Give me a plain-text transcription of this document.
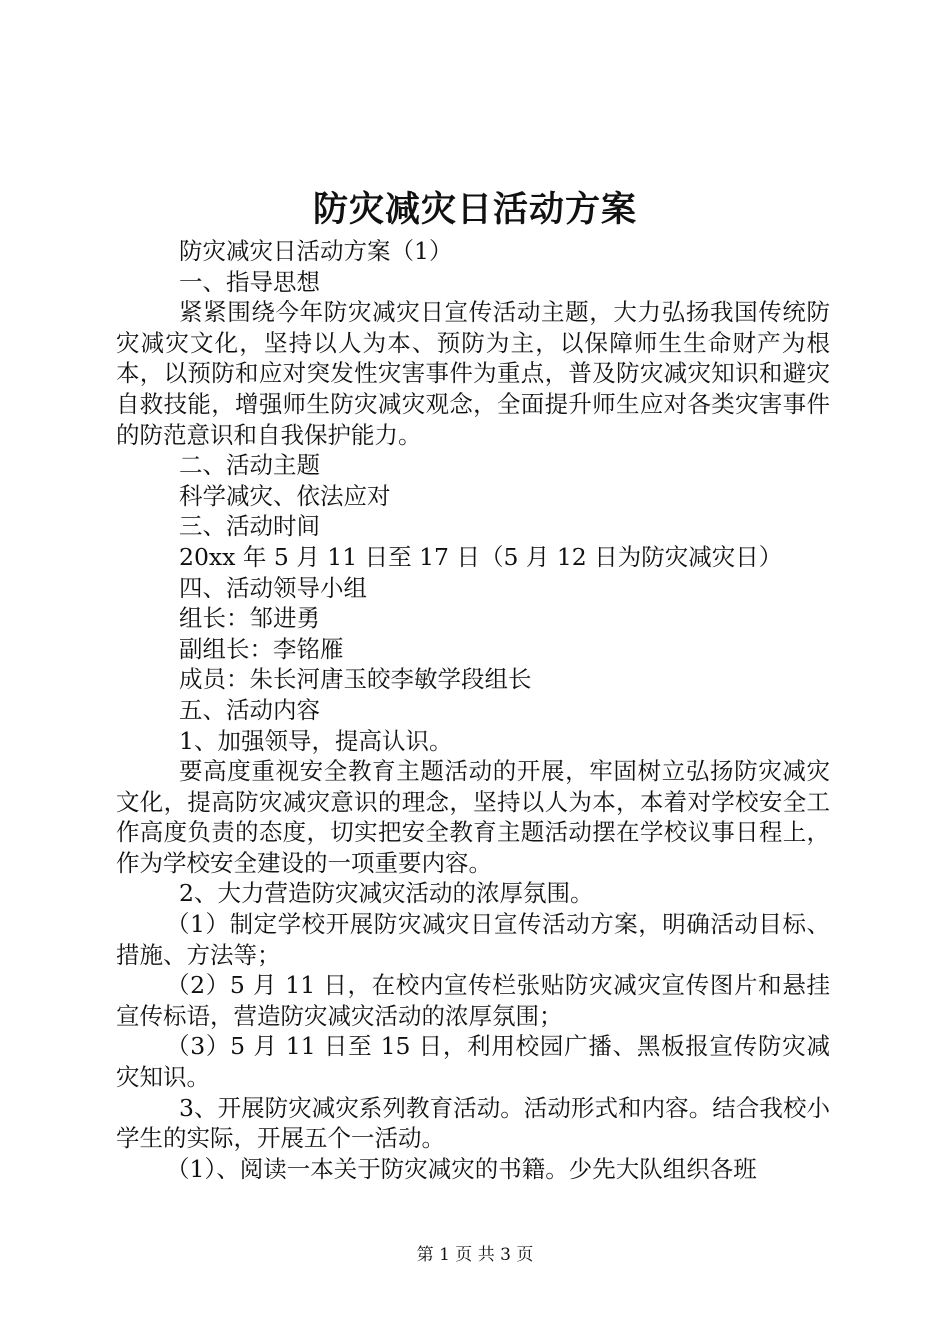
防灾减灾日活动方案

防灾减灾日活动方案（1）

一、指导思想

紧紧围绕今年防灾减灾日宣传活动主题，大力弘扬我国传统防灾减灾文化，坚持以人为本、预防为主，以保障师生生命财产为根本，以预防和应对突发性灾害事件为重点，普及防灾减灾知识和避灾自救技能，增强师生防灾减灾观念，全面提升师生应对各类灾害事件的防范意识和自我保护能力。

二、活动主题

科学减灾、依法应对

三、活动时间

20xx 年 5 月 11 日至 17 日（5 月 12 日为防灾减灾日）

四、活动领导小组

组长：邹进勇

副组长：李铭雁

成员：朱长河唐玉皎李敏学段组长

五、活动内容

1、加强领导，提高认识。

要高度重视安全教育主题活动的开展，牢固树立弘扬防灾减灾文化，提高防灾减灾意识的理念，坚持以人为本，本着对学校安全工作高度负责的态度，切实把安全教育主题活动摆在学校议事日程上，作为学校安全建设的一项重要内容。

2、大力营造防灾减灾活动的浓厚氛围。

（1）制定学校开展防灾减灾日宣传活动方案，明确活动目标、措施、方法等；

（2）5 月 11 日，在校内宣传栏张贴防灾减灾宣传图片和悬挂宣传标语，营造防灾减灾活动的浓厚氛围；

（3）5 月 11 日至 15 日，利用校园广播、黑板报宣传防灾减灾知识。

3、开展防灾减灾系列教育活动。活动形式和内容。结合我校小学生的实际，开展五个一活动。

（1）、阅读一本关于防灾减灾的书籍。少先大队组织各班

第 1 页 共 3 页
